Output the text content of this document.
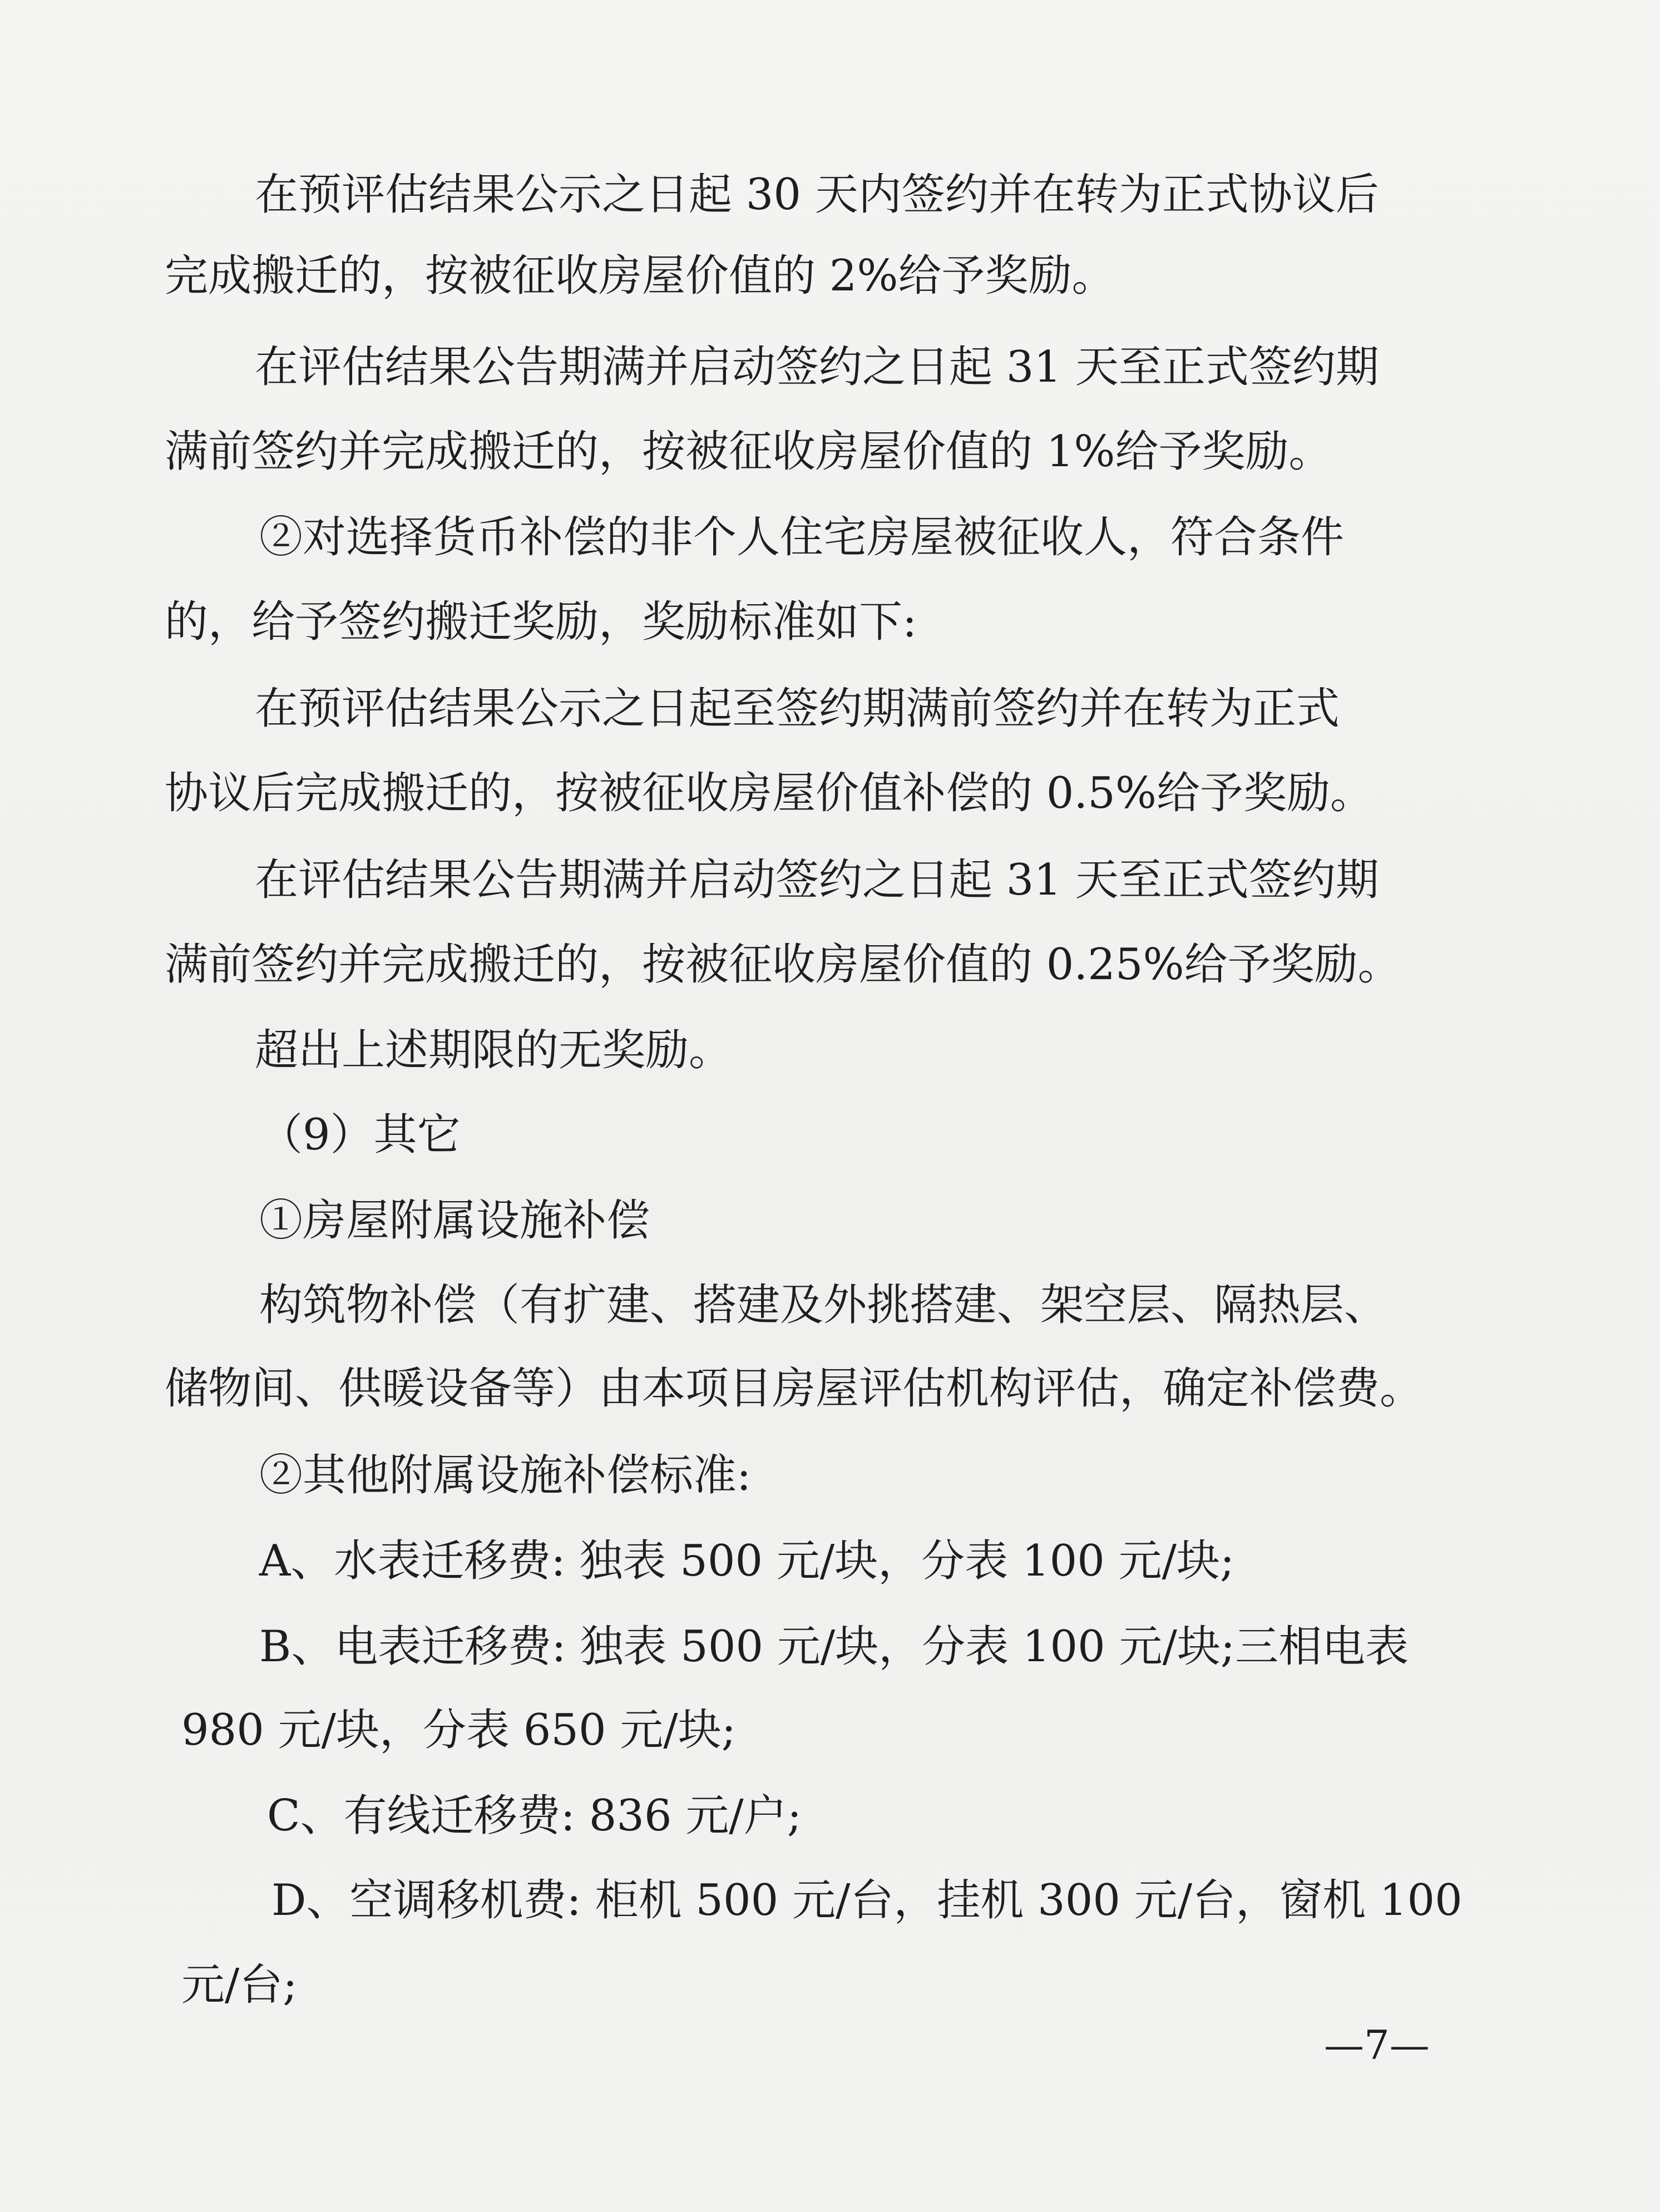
在预评估结果公示之日起 30 天内签约并在转为正式协议后

完成搬迁的，按被征收房屋价值的 2%给予奖励。

在评估结果公告期满并启动签约之日起 31 天至正式签约期

满前签约并完成搬迁的，按被征收房屋价值的 1%给予奖励。

②对选择货币补偿的非个人住宅房屋被征收人，符合条件

的，给予签约搬迁奖励，奖励标准如下:

在预评估结果公示之日起至签约期满前签约并在转为正式

协议后完成搬迁的，按被征收房屋价值补偿的 0.5%给予奖励。

在评估结果公告期满并启动签约之日起 31 天至正式签约期

满前签约并完成搬迁的，按被征收房屋价值的 0.25%给予奖励。

超出上述期限的无奖励。

（9）其它

①房屋附属设施补偿

构筑物补偿（有扩建、搭建及外挑搭建、架空层、隔热层、

储物间、供暖设备等）由本项目房屋评估机构评估，确定补偿费。

②其他附属设施补偿标准:

A、水表迁移费: 独表 500 元/块，分表 100 元/块;

B、电表迁移费: 独表 500 元/块，分表 100 元/块;三相电表

980 元/块，分表 650 元/块;

C、有线迁移费: 836 元/户;

D、空调移机费: 柜机 500 元/台，挂机 300 元/台，窗机 100

元/台;

—7—
